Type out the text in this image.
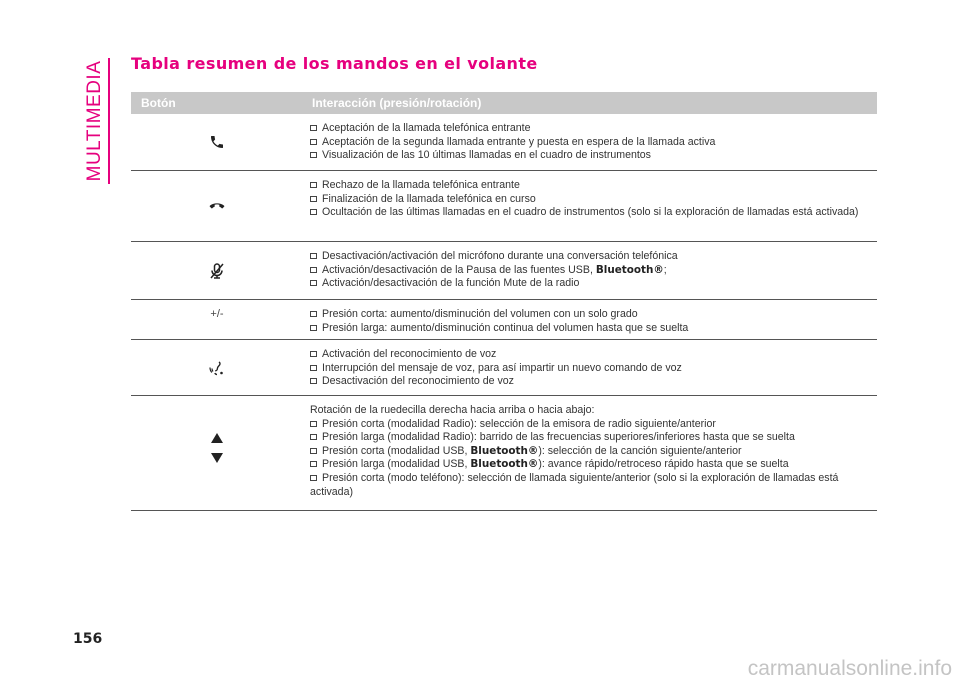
MULTIMEDIA Tabla resumen de los mandos en el volante
Botón	Interacción (presión/rotación)
Aceptación de la llamada telefónica entrante
Aceptación de la segunda llamada entrante y puesta en espera de la llamada activa
Visualización de las 10 últimas llamadas en el cuadro de instrumentos
Rechazo de la llamada telefónica entrante
Finalización de la llamada telefónica en curso
Ocultación de las últimas llamadas en el cuadro de instrumentos (solo si la exploración de llamadas está activada)
Desactivación/activación del micrófono durante una conversación telefónica
Activación/desactivación de la Pausa de las fuentes USB, Bluetooth®;
Activación/desactivación de la función Mute de la radio
+/-	Presión corta: aumento/disminución del volumen con un solo grado
Presión larga: aumento/disminución continua del volumen hasta que se suelta
Activación del reconocimiento de voz
Interrupción del mensaje de voz, para así impartir un nuevo comando de voz
Desactivación del reconocimiento de voz
Rotación de la ruedecilla derecha hacia arriba o hacia abajo:
Presión corta (modalidad Radio): selección de la emisora de radio siguiente/anterior
Presión larga (modalidad Radio): barrido de las frecuencias superiores/inferiores hasta que se suelta
Presión corta (modalidad USB, Bluetooth®): selección de la canción siguiente/anterior
Presión larga (modalidad USB, Bluetooth®): avance rápido/retroceso rápido hasta que se suelta
Presión corta (modo teléfono): selección de llamada siguiente/anterior (solo si la exploración de llamadas está activada)
156
carmanualsonline.info
